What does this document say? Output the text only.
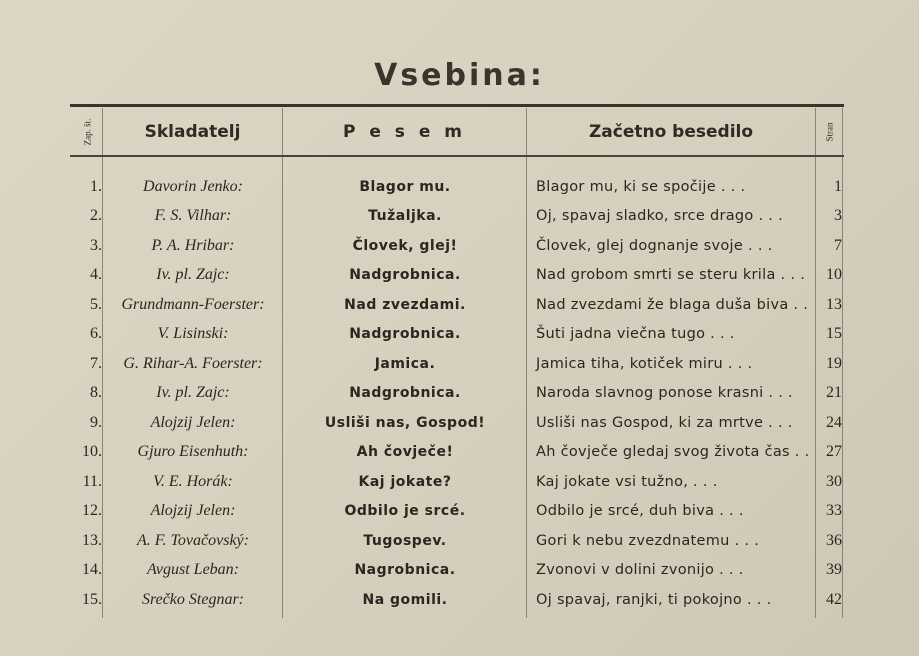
Vsebina:
Zap. št.	Skladatelj	P e s e m	Začetno besedilo	Stran
1.	Davorin Jenko:	Blagor mu.	Blagor mu, ki se spočije . . .	1
2.	F. S. Vilhar:	Tužaljka.	Oj, spavaj sladko, srce drago . . .	3
3.	P. A. Hribar:	Človek, glej!	Človek, glej dognanje svoje . . .	7
4.	Iv. pl. Zajc:	Nadgrobnica.	Nad grobom smrti se steru krila . . .	10
5.	Grundmann-Foerster:	Nad zvezdami.	Nad zvezdami že blaga duša biva . .	13
6.	V. Lisinski:	Nadgrobnica.	Šuti jadna viečna tugo . . .	15
7.	G. Rihar-A. Foerster:	Jamica.	Jamica tiha, kotiček miru . . .	19
8.	Iv. pl. Zajc:	Nadgrobnica.	Naroda slavnog ponose krasni . . .	21
9.	Alojzij Jelen:	Usliši nas, Gospod!	Usliši nas Gospod, ki za mrtve . . .	24
10.	Gjuro Eisenhuth:	Ah čovječe!	Ah čovječe gledaj svog života čas . .	27
11.	V. E. Horák:	Kaj jokate?	Kaj jokate vsi tužno, . . .	30
12.	Alojzij Jelen:	Odbilo je srcé.	Odbilo je srcé, duh biva . . .	33
13.	A. F. Tovačovský:	Tugospev.	Gori k nebu zvezdnatemu . . .	36
14.	Avgust Leban:	Nagrobnica.	Zvonovi v dolini zvonijo . . .	39
15.	Srečko Stegnar:	Na gomili.	Oj spavaj, ranjki, ti pokojno . . .	42
